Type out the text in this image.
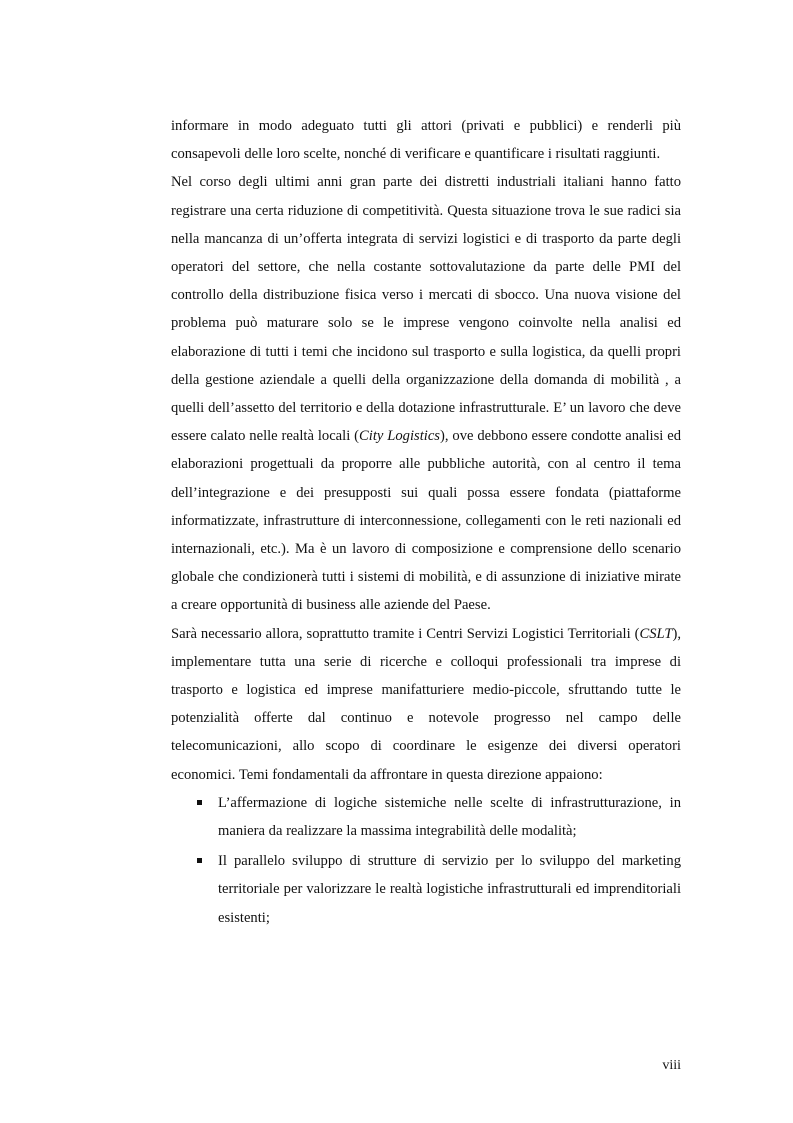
informare in modo adeguato tutti gli attori (privati e pubblici) e renderli più consapevoli delle loro scelte, nonché di verificare e quantificare i risultati raggiunti.

Nel corso degli ultimi anni gran parte dei distretti industriali italiani hanno fatto registrare una certa riduzione di competitività. Questa situazione trova le sue radici sia nella mancanza di un’offerta integrata di servizi logistici e di trasporto da parte degli operatori del settore, che nella costante sottovalutazione da parte delle PMI del controllo della distribuzione fisica verso i mercati di sbocco. Una nuova visione del problema può maturare solo se le imprese vengono coinvolte nella analisi ed elaborazione di tutti i temi che incidono sul trasporto e sulla logistica, da quelli propri della gestione aziendale a quelli della organizzazione della domanda di mobilità , a quelli dell’assetto del territorio e della dotazione infrastrutturale. E’ un lavoro che deve essere calato nelle realtà locali (City Logistics), ove debbono essere condotte analisi ed elaborazioni progettuali da proporre alle pubbliche autorità, con al centro il tema dell’integrazione e dei presupposti sui quali possa essere fondata (piattaforme informatizzate, infrastrutture di interconnessione, collegamenti con le reti nazionali ed internazionali, etc.). Ma è un lavoro di composizione e comprensione dello scenario globale che condizionerà tutti i sistemi di mobilità, e di assunzione di iniziative mirate a creare opportunità di business alle aziende del Paese.

Sarà necessario allora, soprattutto tramite i Centri Servizi Logistici Territoriali (CSLT), implementare tutta una serie di ricerche e colloqui professionali tra imprese di trasporto e logistica ed imprese manifatturiere medio-piccole, sfruttando tutte le potenzialità offerte dal continuo e notevole progresso nel campo delle telecomunicazioni, allo scopo di coordinare le esigenze dei diversi operatori economici. Temi fondamentali da affrontare in questa direzione appaiono:

L’affermazione di logiche sistemiche nelle scelte di infrastrutturazione, in maniera da realizzare la massima integrabilità delle modalità;
Il parallelo sviluppo di strutture di servizio per lo sviluppo del marketing territoriale per valorizzare le realtà logistiche infrastrutturali ed imprenditoriali esistenti;
viii
